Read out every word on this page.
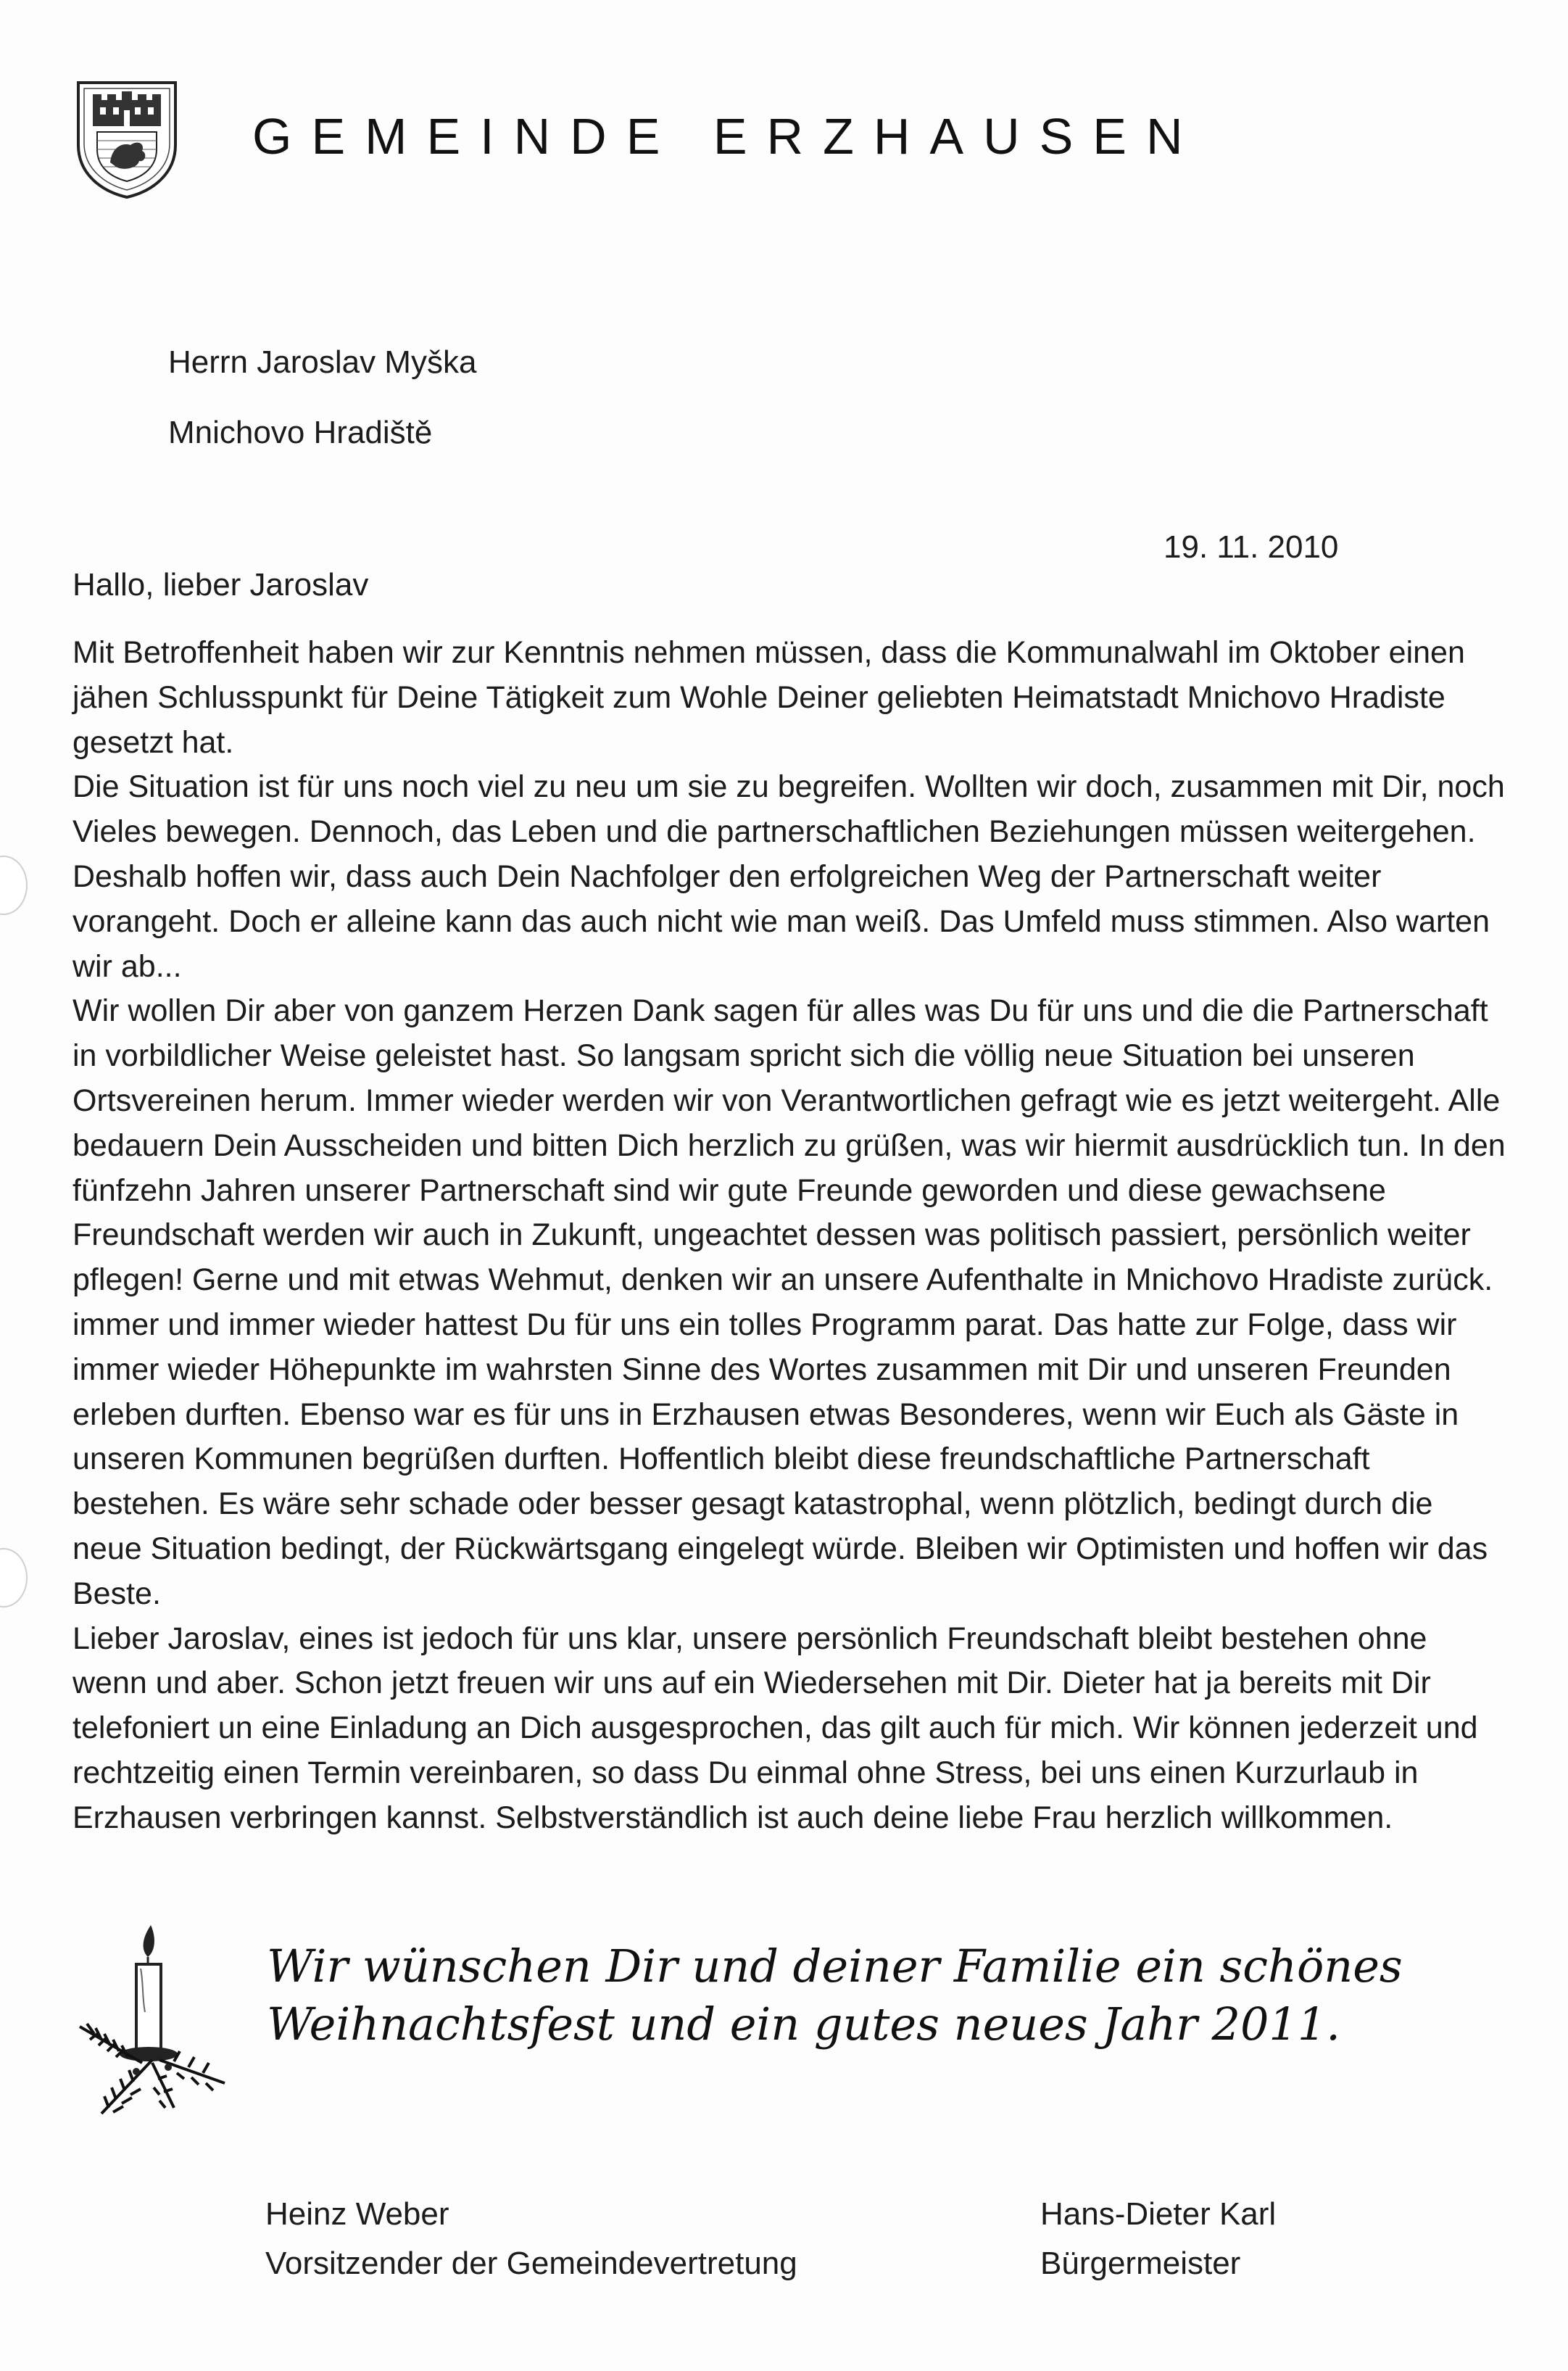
GEMEINDE ERZHAUSEN
Herrn Jaroslav Myška
Mnichovo Hradiště
19. 11. 2010
Hallo, lieber Jaroslav

Mit Betroffenheit haben wir zur Kenntnis nehmen müssen, dass die Kommunalwahl im Oktober einen jähen Schlusspunkt für Deine Tätigkeit zum Wohle Deiner geliebten Heimatstadt Mnichovo Hradiste gesetzt hat.

Die Situation ist für uns noch viel zu neu um sie zu begreifen. Wollten wir doch, zusammen mit Dir, noch Vieles bewegen. Dennoch, das Leben und die partnerschaftlichen Beziehungen müssen weitergehen. Deshalb hoffen wir, dass auch Dein Nachfolger den erfolgreichen Weg der Partnerschaft weiter vorangeht. Doch er alleine kann das auch nicht wie man weiß. Das Umfeld muss stimmen. Also warten wir ab...

Wir wollen Dir aber von ganzem Herzen Dank sagen für alles was Du für uns und die die Partnerschaft in vorbildlicher Weise geleistet hast. So langsam spricht sich die völlig neue Situation bei unseren Ortsvereinen herum. Immer wieder werden wir von Verantwortlichen gefragt wie es jetzt weitergeht. Alle bedauern Dein Ausscheiden und bitten Dich herzlich zu grüßen, was wir hiermit ausdrücklich tun. In den fünfzehn Jahren unserer Partnerschaft sind wir gute Freunde geworden und diese gewachsene Freundschaft werden wir auch in Zukunft, ungeachtet dessen was politisch passiert, persönlich weiter pflegen! Gerne und mit etwas Wehmut, denken wir an unsere Aufenthalte in Mnichovo Hradiste zurück. immer und immer wieder hattest Du für uns ein tolles Programm parat. Das hatte zur Folge, dass wir immer wieder Höhepunkte im wahrsten Sinne des Wortes zusammen mit Dir und unseren Freunden erleben durften. Ebenso war es für uns in Erzhausen etwas Besonderes, wenn wir Euch als Gäste in unseren Kommunen begrüßen durften. Hoffentlich bleibt diese freundschaftliche Partnerschaft bestehen. Es wäre sehr schade oder besser gesagt katastrophal, wenn plötzlich, bedingt durch die neue Situation bedingt, der Rückwärtsgang eingelegt würde. Bleiben wir Optimisten und hoffen wir das Beste.

Lieber Jaroslav, eines ist jedoch für uns klar, unsere persönlich Freundschaft bleibt bestehen ohne wenn und aber. Schon jetzt freuen wir uns auf ein Wiedersehen mit Dir. Dieter hat ja bereits mit Dir telefoniert un eine Einladung an Dich ausgesprochen, das gilt auch für mich. Wir können jederzeit und rechtzeitig einen Termin vereinbaren, so dass Du einmal ohne Stress, bei uns einen Kurzurlaub in Erzhausen verbringen kannst. Selbstverständlich ist auch deine liebe Frau herzlich willkommen.

Wir wünschen Dir und deiner Familie ein schönes
Weihnachtsfest und ein gutes neues Jahr 2011.
Heinz Weber
Vorsitzender der Gemeindevertretung
Hans-Dieter Karl
Bürgermeister
